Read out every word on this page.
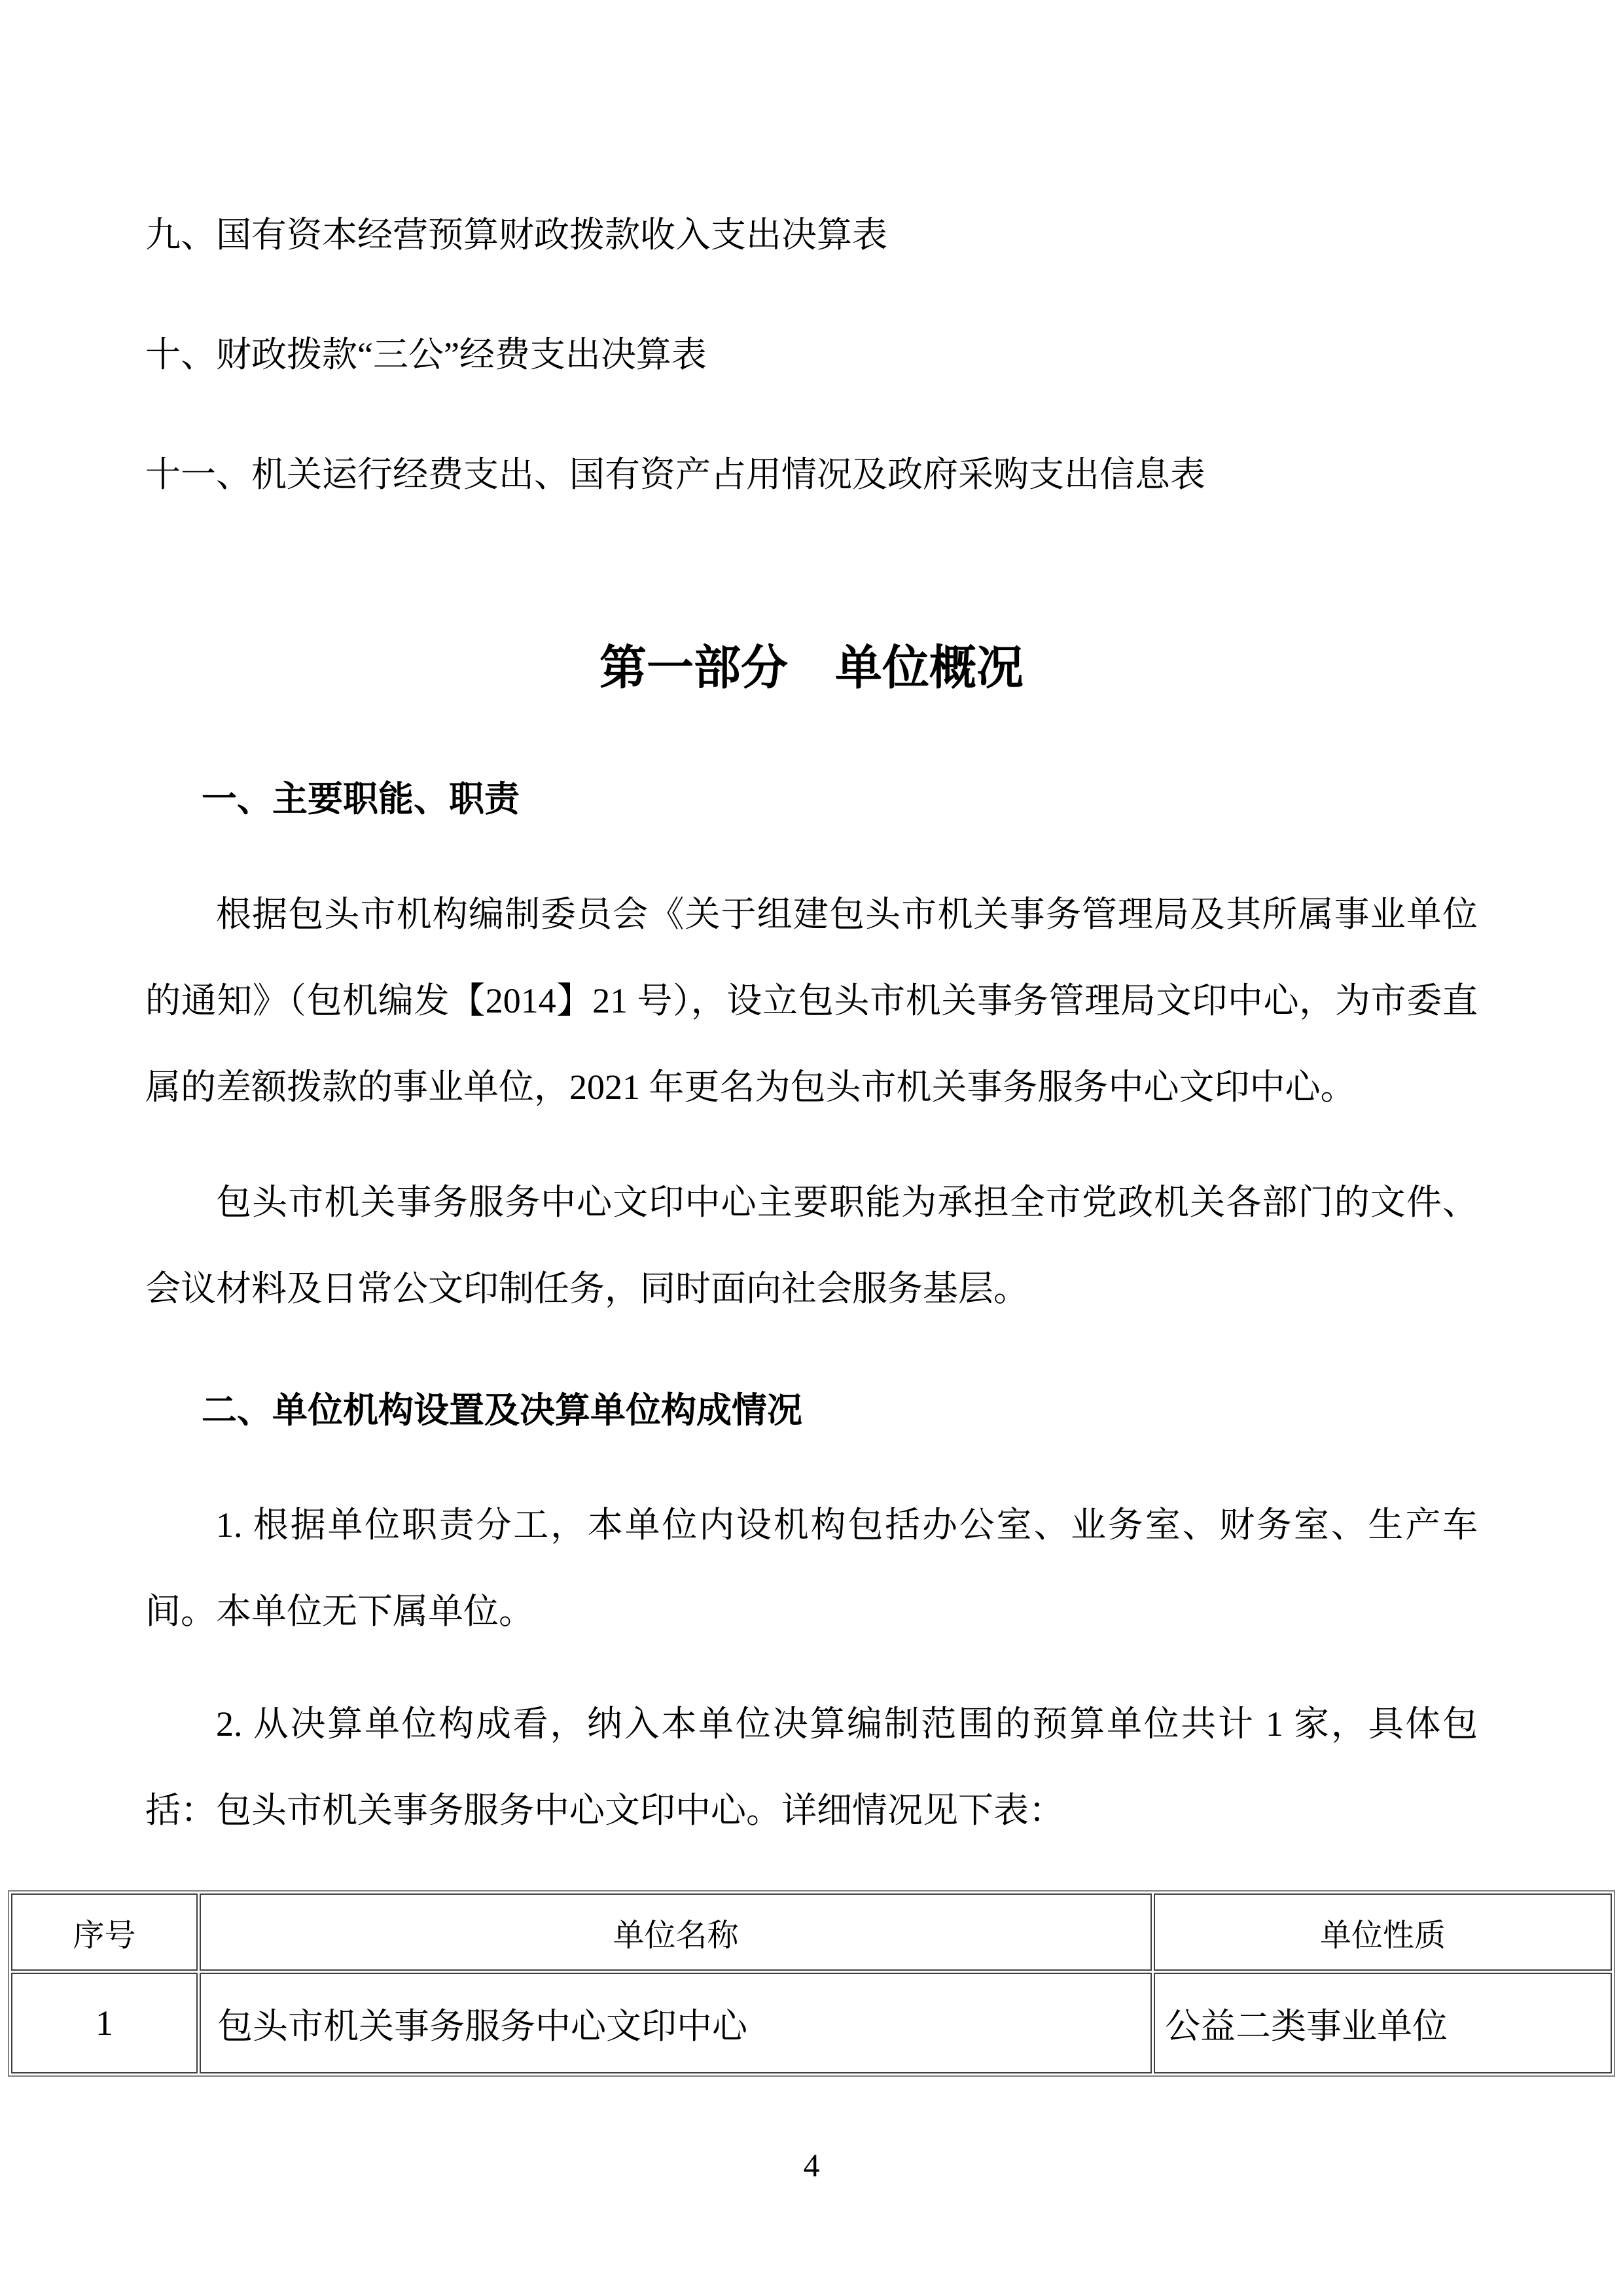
九、国有资本经营预算财政拨款收入支出决算表

十、财政拨款“三公”经费支出决算表

十一、机关运行经费支出、国有资产占用情况及政府采购支出信息表

第一部分　单位概况

一、主要职能、职责

根据包头市机构编制委员会《关于组建包头市机关事务管理局及其所属事业单位的通知》（包机编发【2014】21 号），设立包头市机关事务管理局文印中心，为市委直属的差额拨款的事业单位，2021 年更名为包头市机关事务服务中心文印中心。

包头市机关事务服务中心文印中心主要职能为承担全市党政机关各部门的文件、会议材料及日常公文印制任务，同时面向社会服务基层。

二、单位机构设置及决算单位构成情况

1. 根据单位职责分工，本单位内设机构包括办公室、业务室、财务室、生产车间。本单位无下属单位。

2. 从决算单位构成看，纳入本单位决算编制范围的预算单位共计 1 家，具体包括：包头市机关事务服务中心文印中心。详细情况见下表：

序号	单位名称	单位性质
1	包头市机关事务服务中心文印中心	公益二类事业单位
4
